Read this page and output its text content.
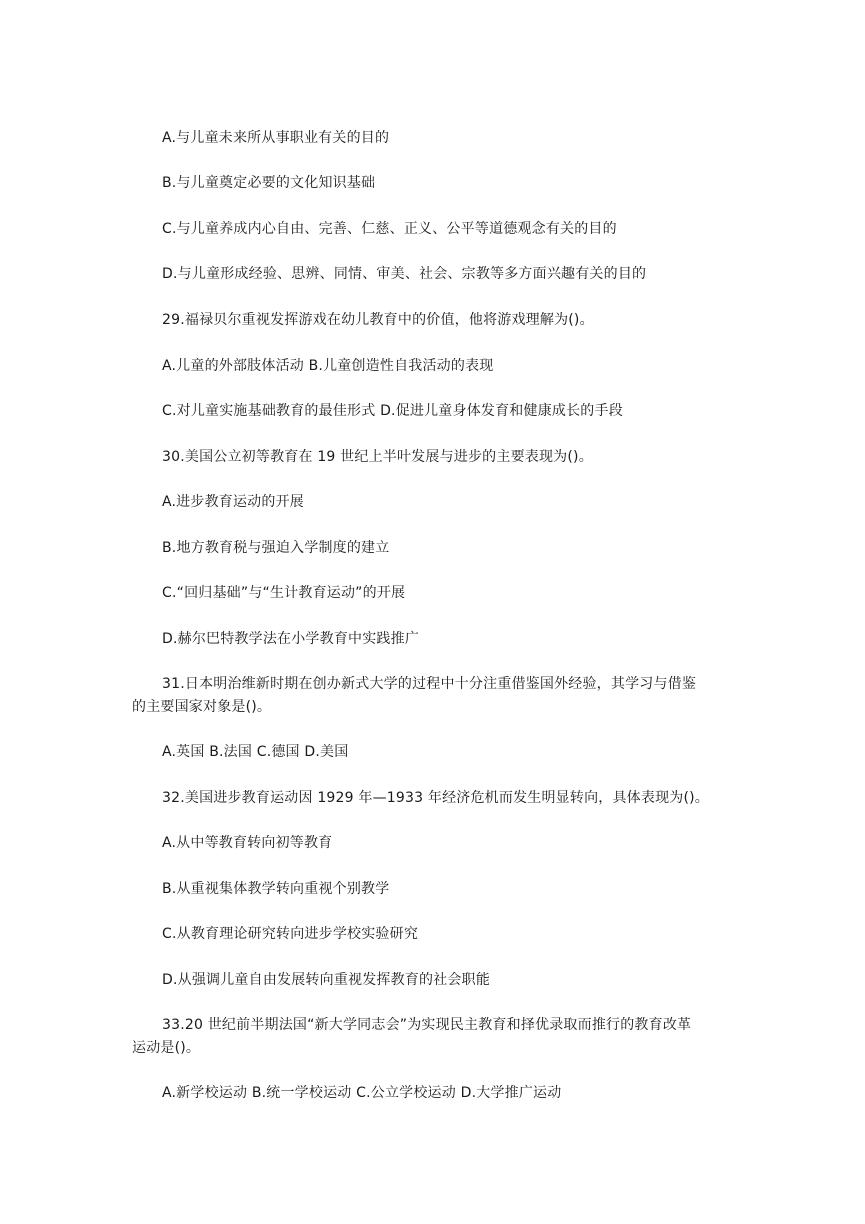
A.与儿童未来所从事职业有关的目的
B.与儿童奠定必要的文化知识基础
C.与儿童养成内心自由、完善、仁慈、正义、公平等道德观念有关的目的
D.与儿童形成经验、思辨、同情、审美、社会、宗教等多方面兴趣有关的目的
29.福禄贝尔重视发挥游戏在幼儿教育中的价值，他将游戏理解为()。
A.儿童的外部肢体活动 B.儿童创造性自我活动的表现
C.对儿童实施基础教育的最佳形式 D.促进儿童身体发育和健康成长的手段
30.美国公立初等教育在 19 世纪上半叶发展与进步的主要表现为()。
A.进步教育运动的开展
B.地方教育税与强迫入学制度的建立
C.“回归基础”与“生计教育运动”的开展
D.赫尔巴特教学法在小学教育中实践推广
31.日本明治维新时期在创办新式大学的过程中十分注重借鉴国外经验，其学习与借鉴
的主要国家对象是()。
A.英国 B.法国 C.德国 D.美国
32.美国进步教育运动因 1929 年—1933 年经济危机而发生明显转向，具体表现为()。
A.从中等教育转向初等教育
B.从重视集体教学转向重视个别教学
C.从教育理论研究转向进步学校实验研究
D.从强调儿童自由发展转向重视发挥教育的社会职能
33.20 世纪前半期法国“新大学同志会”为实现民主教育和择优录取而推行的教育改革
运动是()。
A.新学校运动 B.统一学校运动 C.公立学校运动 D.大学推广运动
